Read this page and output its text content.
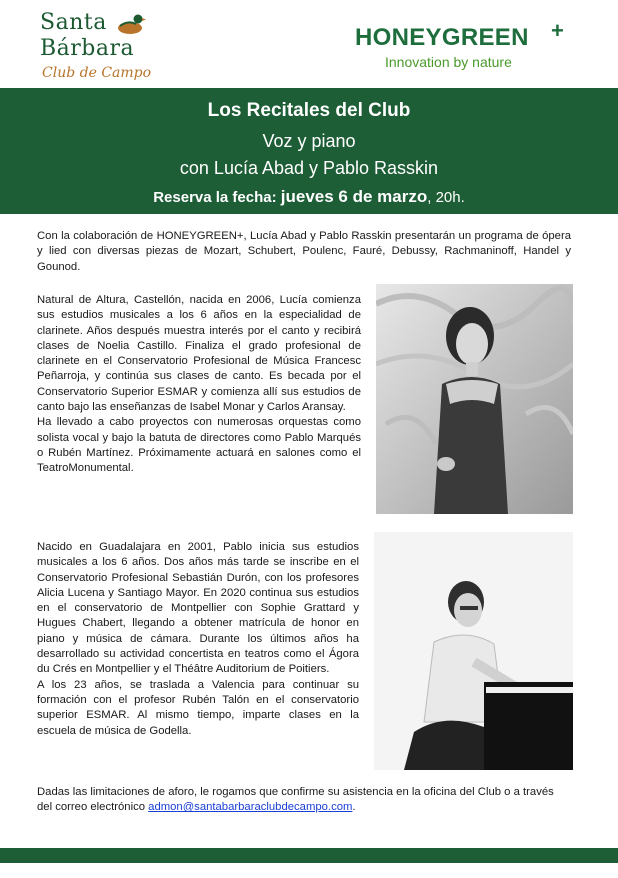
Santa
Bárbara
Club de Campo
HONEYGREEN +
Innovation by nature
Los Recitales del Club
Voz y piano
con Lucía Abad y Pablo Rasskin
Reserva la fecha: jueves 6 de marzo, 20h.

Con la colaboración de HONEYGREEN+, Lucía Abad y Pablo Rasskin presentarán un programa de ópera y lied con diversas piezas de Mozart, Schubert, Poulenc, Fauré, Debussy, Rachmaninoff, Handel y Gounod.

Natural de Altura, Castellón, nacida en 2006, Lucía comienza sus estudios musicales a los 6 años en la especialidad de clarinete. Años después muestra interés por el canto y recibirá clases de Noelia Castillo. Finaliza el grado profesional de clarinete en el Conservatorio Profesional de Música Francesc Peñarroja, y continúa sus clases de canto. Es becada por el Conservatorio Superior ESMAR y comienza allí sus estudios de canto bajo las enseñanzas de Isabel Monar y Carlos Aransay.

Ha llevado a cabo proyectos con numerosas orquestas como solista vocal y bajo la batuta de directores como Pablo Marqués o Rubén Martínez. Próximamente actuará en salones como el TeatroMonumental.

Nacido en Guadalajara en 2001, Pablo inicia sus estudios musicales a los 6 años. Dos años más tarde se inscribe en el Conservatorio Profesional Sebastián Durón, con los profesores Alicia Lucena y Santiago Mayor. En 2020 continua sus estudios en el conservatorio de Montpellier con Sophie Grattard y Hugues Chabert, llegando a obtener matrícula de honor en piano y música de cámara. Durante los últimos años ha desarrollado su actividad concertista en teatros como el Ágora du Crés en Montpellier y el Théâtre Auditorium de Poitiers.

A los 23 años, se traslada a Valencia para continuar su formación con el profesor Rubén Talón en el conservatorio superior ESMAR. Al mismo tiempo, imparte clases en la escuela de música de Godella.

Dadas las limitaciones de aforo, le rogamos que confirme su asistencia en la oficina del Club o a través del correo electrónico admon@santabarbaraclubdecampo.com.
